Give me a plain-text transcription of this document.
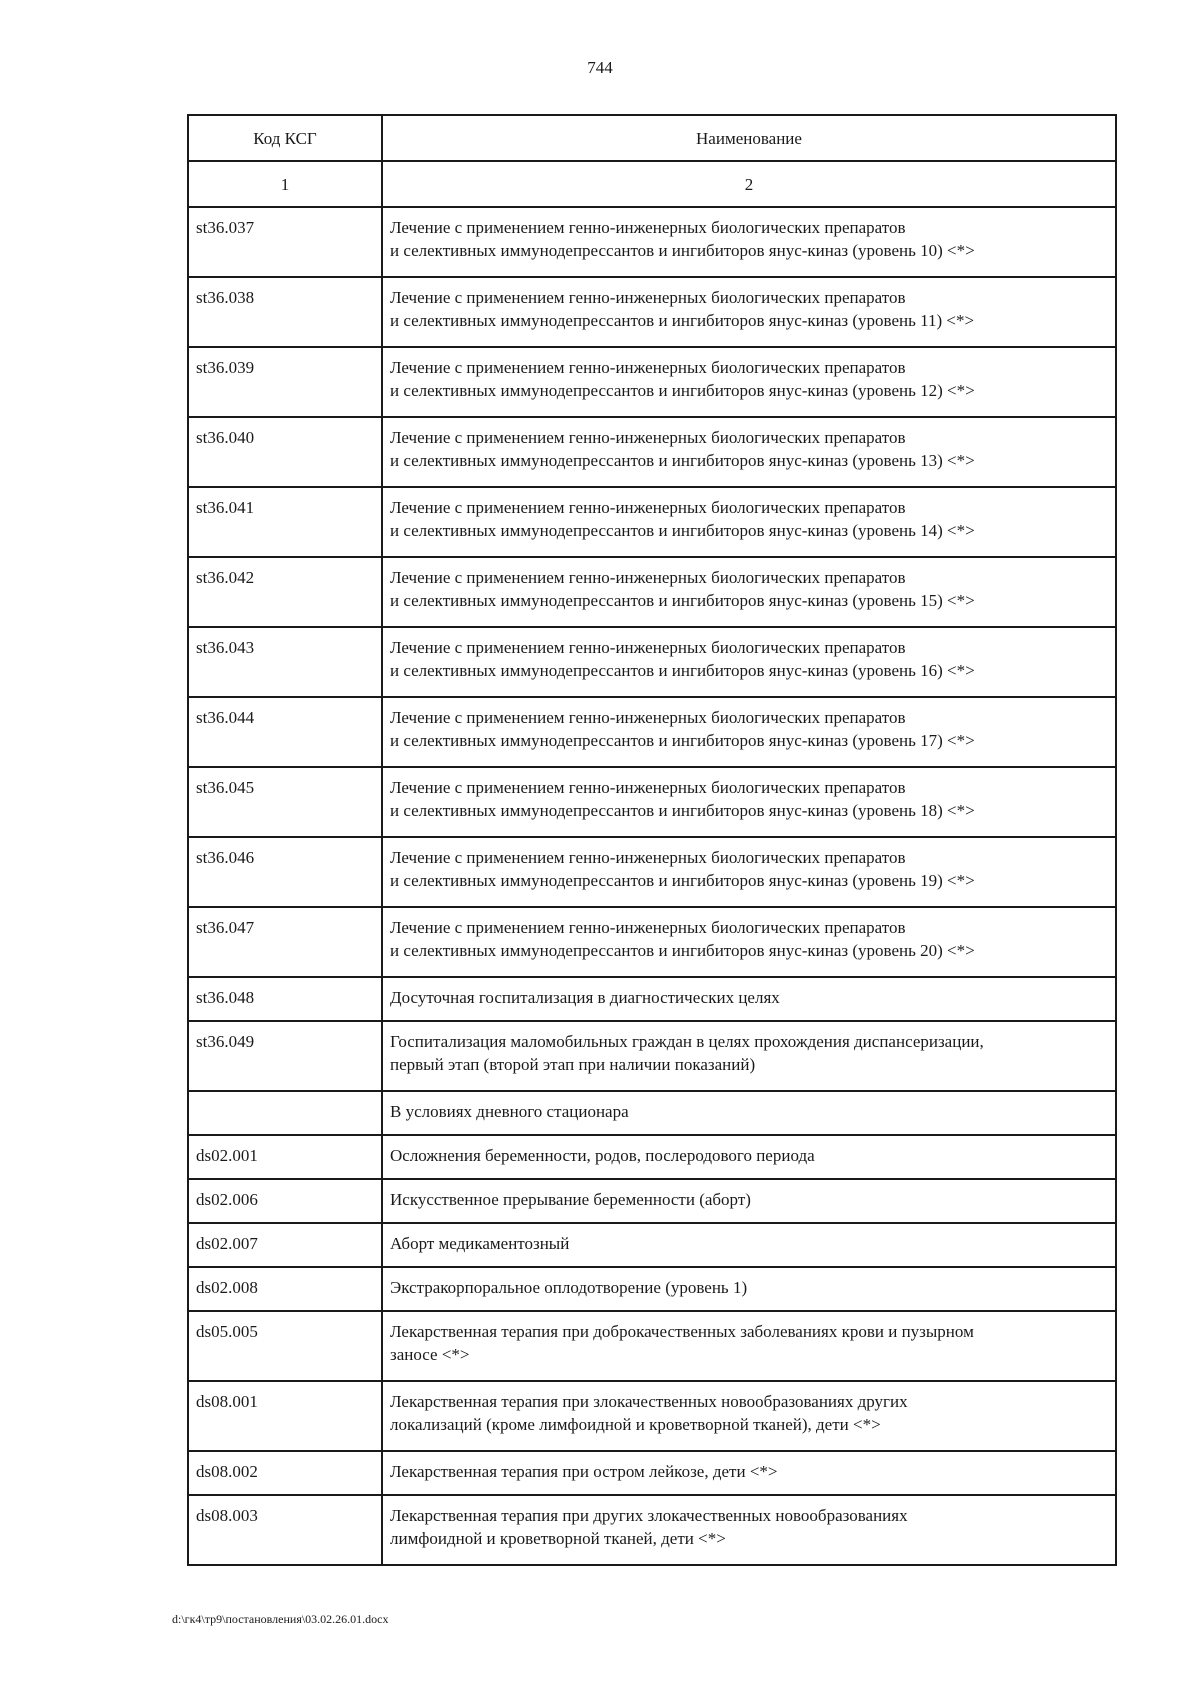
744
Код КСГ	Наименование
1	2
st36.037	Лечение с применением генно-инженерных биологических препаратов
и селективных иммунодепрессантов и ингибиторов янус-киназ (уровень 10) <*>

st36.038	Лечение с применением генно-инженерных биологических препаратов
и селективных иммунодепрессантов и ингибиторов янус-киназ (уровень 11) <*>

st36.039	Лечение с применением генно-инженерных биологических препаратов
и селективных иммунодепрессантов и ингибиторов янус-киназ (уровень 12) <*>

st36.040	Лечение с применением генно-инженерных биологических препаратов
и селективных иммунодепрессантов и ингибиторов янус-киназ (уровень 13) <*>

st36.041	Лечение с применением генно-инженерных биологических препаратов
и селективных иммунодепрессантов и ингибиторов янус-киназ (уровень 14) <*>

st36.042	Лечение с применением генно-инженерных биологических препаратов
и селективных иммунодепрессантов и ингибиторов янус-киназ (уровень 15) <*>

st36.043	Лечение с применением генно-инженерных биологических препаратов
и селективных иммунодепрессантов и ингибиторов янус-киназ (уровень 16) <*>

st36.044	Лечение с применением генно-инженерных биологических препаратов
и селективных иммунодепрессантов и ингибиторов янус-киназ (уровень 17) <*>

st36.045	Лечение с применением генно-инженерных биологических препаратов
и селективных иммунодепрессантов и ингибиторов янус-киназ (уровень 18) <*>

st36.046	Лечение с применением генно-инженерных биологических препаратов
и селективных иммунодепрессантов и ингибиторов янус-киназ (уровень 19) <*>

st36.047	Лечение с применением генно-инженерных биологических препаратов
и селективных иммунодепрессантов и ингибиторов янус-киназ (уровень 20) <*>

st36.048	Досуточная госпитализация в диагностических целях

st36.049	Госпитализация маломобильных граждан в целях прохождения диспансеризации,
первый этап (второй этап при наличии показаний)

	В условиях дневного стационара

ds02.001	Осложнения беременности, родов, послеродового периода

ds02.006	Искусственное прерывание беременности (аборт)

ds02.007	Аборт медикаментозный

ds02.008	Экстракорпоральное оплодотворение (уровень 1)

ds05.005	Лекарственная терапия при доброкачественных заболеваниях крови и пузырном
заносе <*>

ds08.001	Лекарственная терапия при злокачественных новообразованиях других
локализаций (кроме лимфоидной и кроветворной тканей), дети <*>

ds08.002	Лекарственная терапия при остром лейкозе, дети <*>

ds08.003	Лекарственная терапия при других злокачественных новообразованиях
лимфоидной и кроветворной тканей, дети <*>
d:\гк4\тр9\постановления\03.02.26.01.docx
